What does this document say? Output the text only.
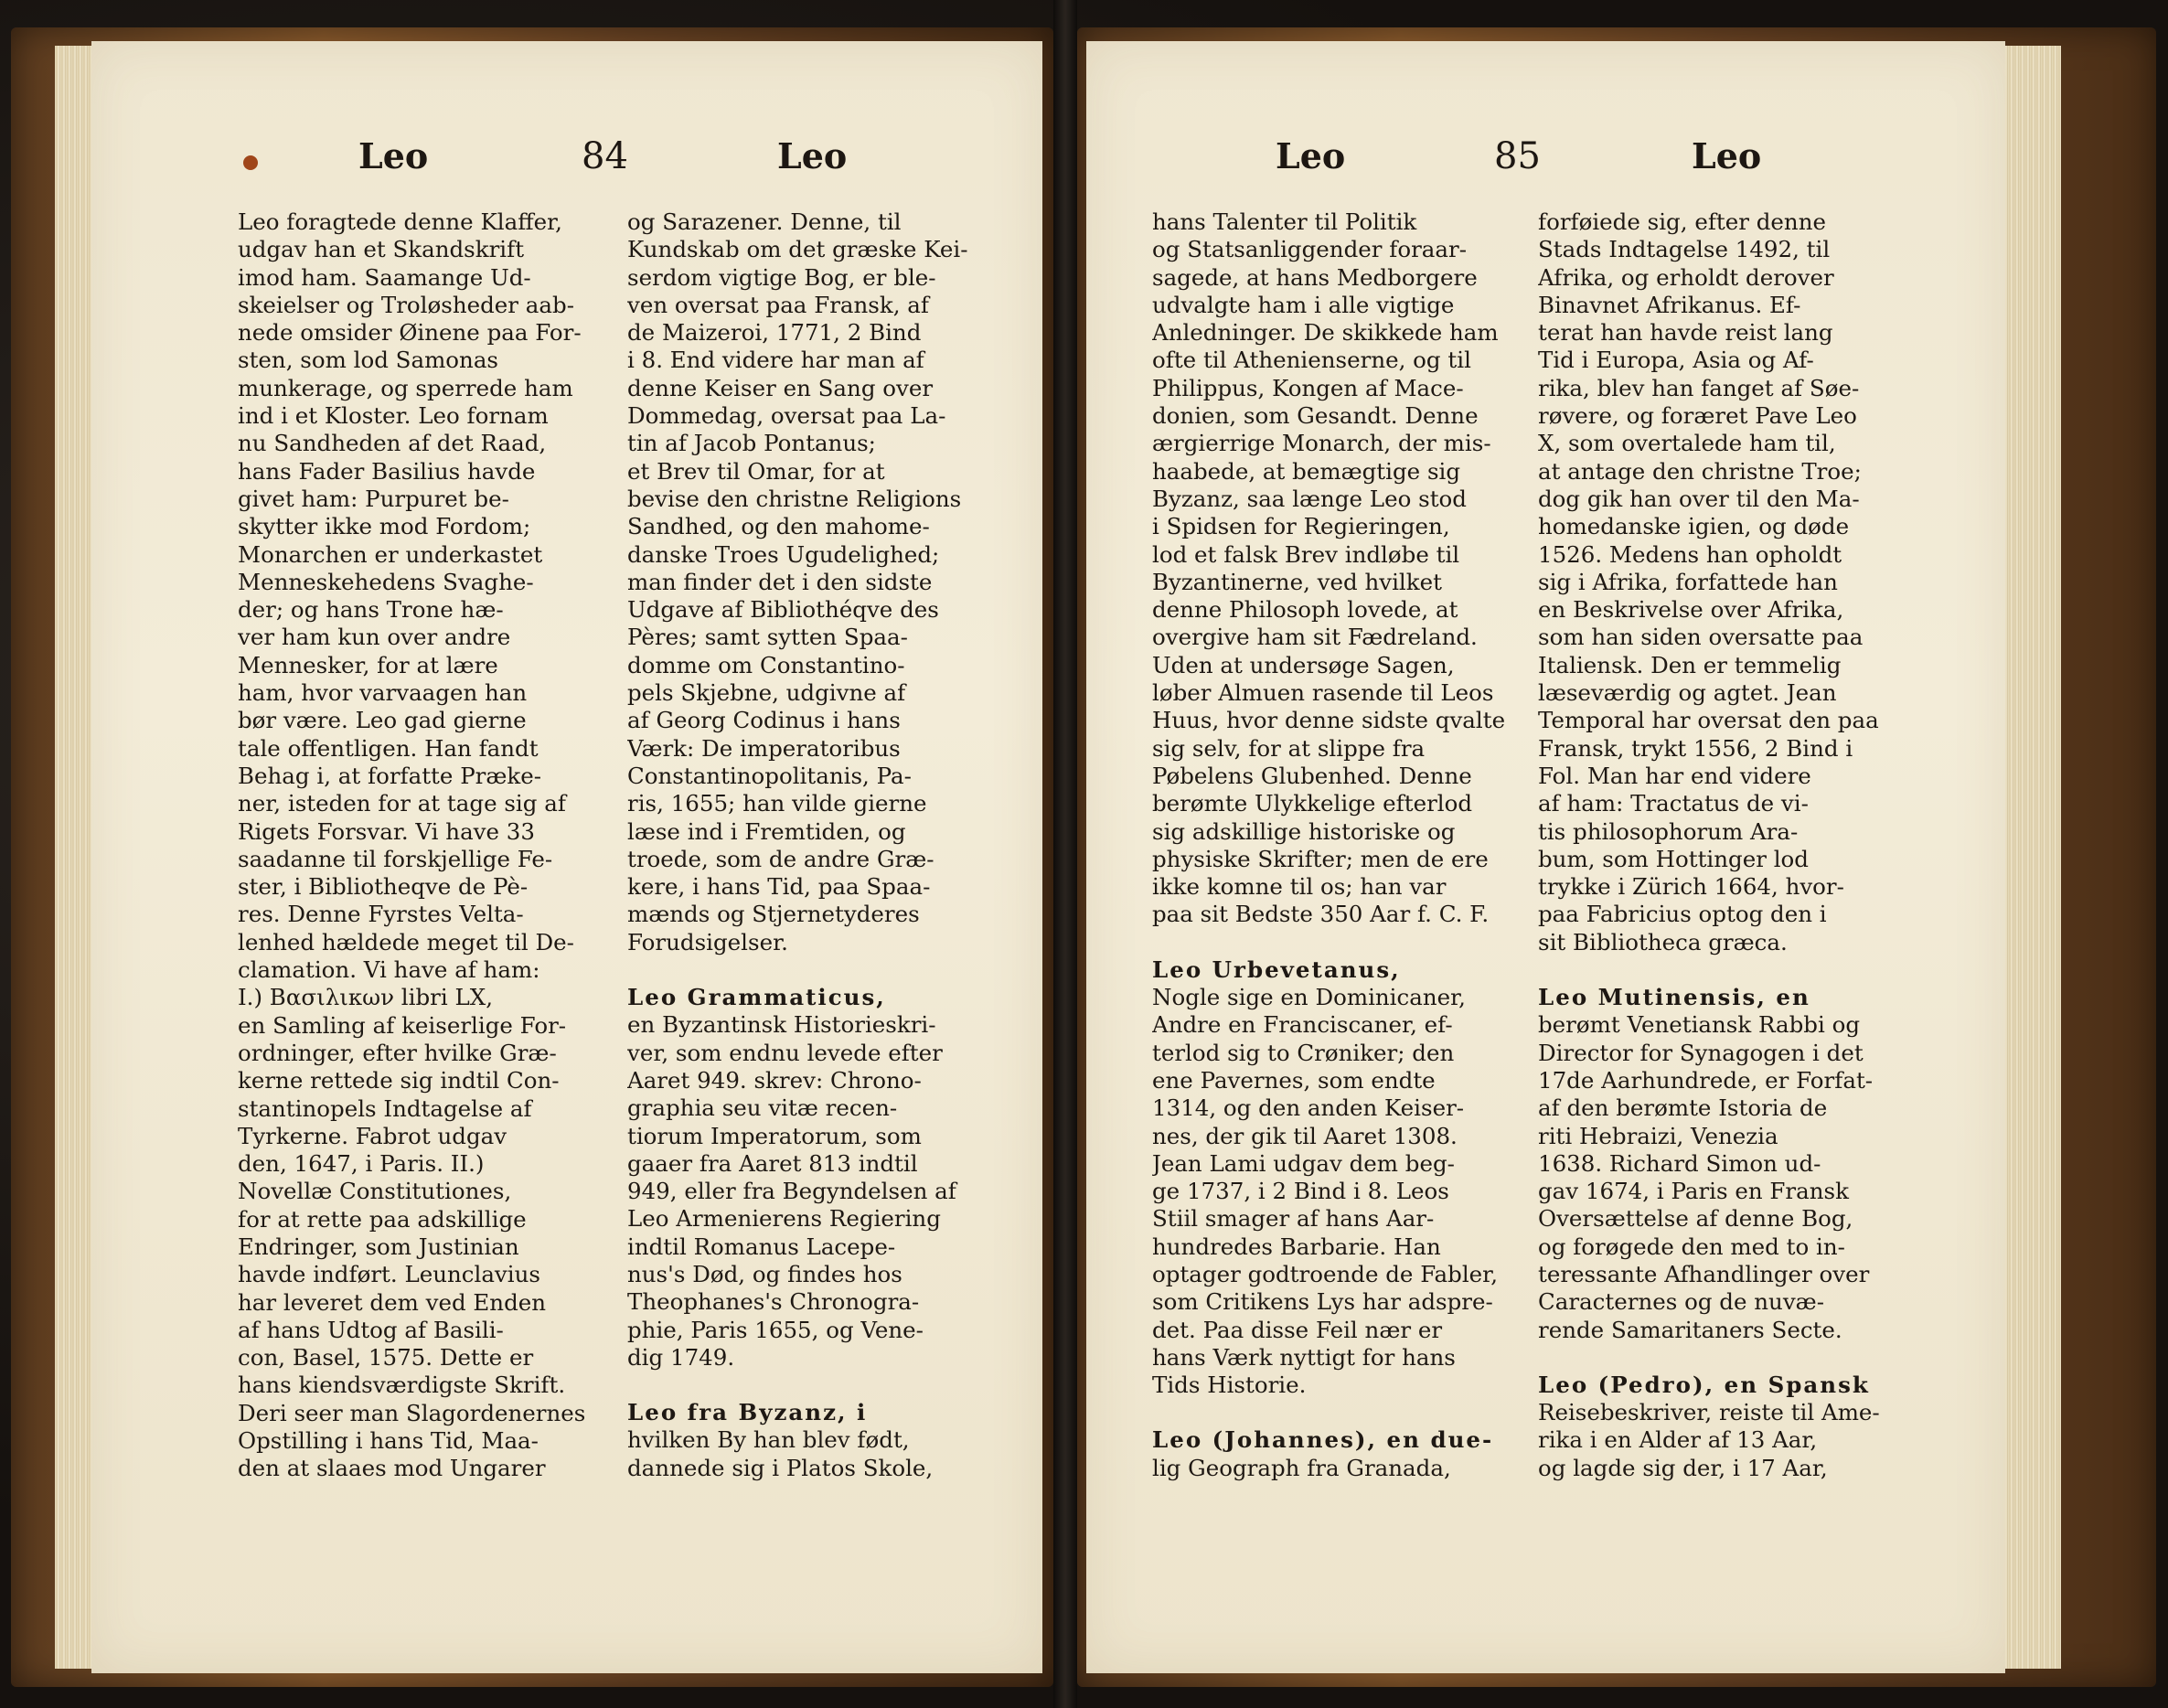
Leo	84	Leo	Leo	85	Leo
Leo foragtede denne Klaffer,
udgav han et Skandskrift
imod ham. Saamange Ud-
skeielser og Troløsheder aab-
nede omsider Øinene paa For-
sten, som lod Samonas
munkerage, og sperrede ham
ind i et Kloster. Leo fornam
nu Sandheden af det Raad,
hans Fader Basilius havde
givet ham: Purpuret be-
skytter ikke mod Fordom;
Monarchen er underkastet
Menneskehedens Svaghe-
der; og hans Trone hæ-
ver ham kun over andre
Mennesker, for at lære
ham, hvor varvaagen han
bør være. Leo gad gierne
tale offentligen. Han fandt
Behag i, at forfatte Præke-
ner, isteden for at tage sig af
Rigets Forsvar. Vi have 33
saadanne til forskjellige Fe-
ster, i Bibliotheqve de Pè-
res. Denne Fyrstes Velta-
lenhed hældede meget til De-
clamation. Vi have af ham:
I.) Βασιλικων libri LX,
en Samling af keiserlige For-
ordninger, efter hvilke Græ-
kerne rettede sig indtil Con-
stantinopels Indtagelse af
Tyrkerne. Fabrot udgav
den, 1647, i Paris. II.)
Novellæ Constitutiones,
for at rette paa adskillige
Endringer, som Justinian
havde indført. Leunclavius
har leveret dem ved Enden
af hans Udtog af Basili-
con, Basel, 1575. Dette er
hans kiendsværdigste Skrift.
Deri seer man Slagordenernes
Opstilling i hans Tid, Maa-
den at slaaes mod Ungarer
og Sarazener. Denne, til
Kundskab om det græske Kei-
serdom vigtige Bog, er ble-
ven oversat paa Fransk, af
de Maizeroi, 1771, 2 Bind
i 8. End videre har man af
denne Keiser en Sang over
Dommedag, oversat paa La-
tin af Jacob Pontanus;
et Brev til Omar, for at
bevise den christne Religions
Sandhed, og den mahome-
danske Troes Ugudelighed;
man finder det i den sidste
Udgave af Bibliothéqve des
Pères; samt sytten Spaa-
domme om Constantino-
pels Skjebne, udgivne af
af Georg Codinus i hans
Værk: De imperatoribus
Constantinopolitanis, Pa-
ris, 1655; han vilde gierne
læse ind i Fremtiden, og
troede, som de andre Græ-
kere, i hans Tid, paa Spaa-
mænds og Stjernetyderes
Forudsigelser.
Leo Grammaticus,
en Byzantinsk Historieskri-
ver, som endnu levede efter
Aaret 949. skrev: Chrono-
graphia seu vitæ recen-
tiorum Imperatorum, som
gaaer fra Aaret 813 indtil
949, eller fra Begyndelsen af
Leo Armenierens Regiering
indtil Romanus Lacepe-
nus's Død, og findes hos
Theophanes's Chronogra-
phie, Paris 1655, og Vene-
dig 1749.
Leo fra Byzanz, i
hvilken By han blev født,
dannede sig i Platos Skole,
hans Talenter til Politik
og Statsanliggender foraar-
sagede, at hans Medborgere
udvalgte ham i alle vigtige
Anledninger. De skikkede ham
ofte til Athenienserne, og til
Philippus, Kongen af Mace-
donien, som Gesandt. Denne
ærgierrige Monarch, der mis-
haabede, at bemægtige sig
Byzanz, saa længe Leo stod
i Spidsen for Regieringen,
lod et falsk Brev indløbe til
Byzantinerne, ved hvilket
denne Philosoph lovede, at
overgive ham sit Fædreland.
Uden at undersøge Sagen,
løber Almuen rasende til Leos
Huus, hvor denne sidste qvalte
sig selv, for at slippe fra
Pøbelens Glubenhed. Denne
berømte Ulykkelige efterlod
sig adskillige historiske og
physiske Skrifter; men de ere
ikke komne til os; han var
paa sit Bedste 350 Aar f. C. F.
Leo Urbevetanus,
Nogle sige en Dominicaner,
Andre en Franciscaner, ef-
terlod sig to Crøniker; den
ene Pavernes, som endte
1314, og den anden Keiser-
nes, der gik til Aaret 1308.
Jean Lami udgav dem beg-
ge 1737, i 2 Bind i 8. Leos
Stiil smager af hans Aar-
hundredes Barbarie. Han
optager godtroende de Fabler,
som Critikens Lys har adspre-
det. Paa disse Feil nær er
hans Værk nyttigt for hans
Tids Historie.
Leo (Johannes), en due-
lig Geograph fra Granada,
forføiede sig, efter denne
Stads Indtagelse 1492, til
Afrika, og erholdt derover
Binavnet Afrikanus. Ef-
terat han havde reist lang
Tid i Europa, Asia og Af-
rika, blev han fanget af Søe-
røvere, og foræret Pave Leo
X, som overtalede ham til,
at antage den christne Troe;
dog gik han over til den Ma-
homedanske igien, og døde
1526. Medens han opholdt
sig i Afrika, forfattede han
en Beskrivelse over Afrika,
som han siden oversatte paa
Italiensk. Den er temmelig
læseværdig og agtet. Jean
Temporal har oversat den paa
Fransk, trykt 1556, 2 Bind i
Fol. Man har end videre
af ham: Tractatus de vi-
tis philosophorum Ara-
bum, som Hottinger lod
trykke i Zürich 1664, hvor-
paa Fabricius optog den i
sit Bibliotheca græca.
Leo Mutinensis, en
berømt Venetiansk Rabbi og
Director for Synagogen i det
17de Aarhundrede, er Forfat-
af den berømte Istoria de
riti Hebraizi, Venezia
1638. Richard Simon ud-
gav 1674, i Paris en Fransk
Oversættelse af denne Bog,
og forøgede den med to in-
teressante Afhandlinger over
Caracternes og de nuvæ-
rende Samaritaners Secte.
Leo (Pedro), en Spansk
Reisebeskriver, reiste til Ame-
rika i en Alder af 13 Aar,
og lagde sig der, i 17 Aar,
